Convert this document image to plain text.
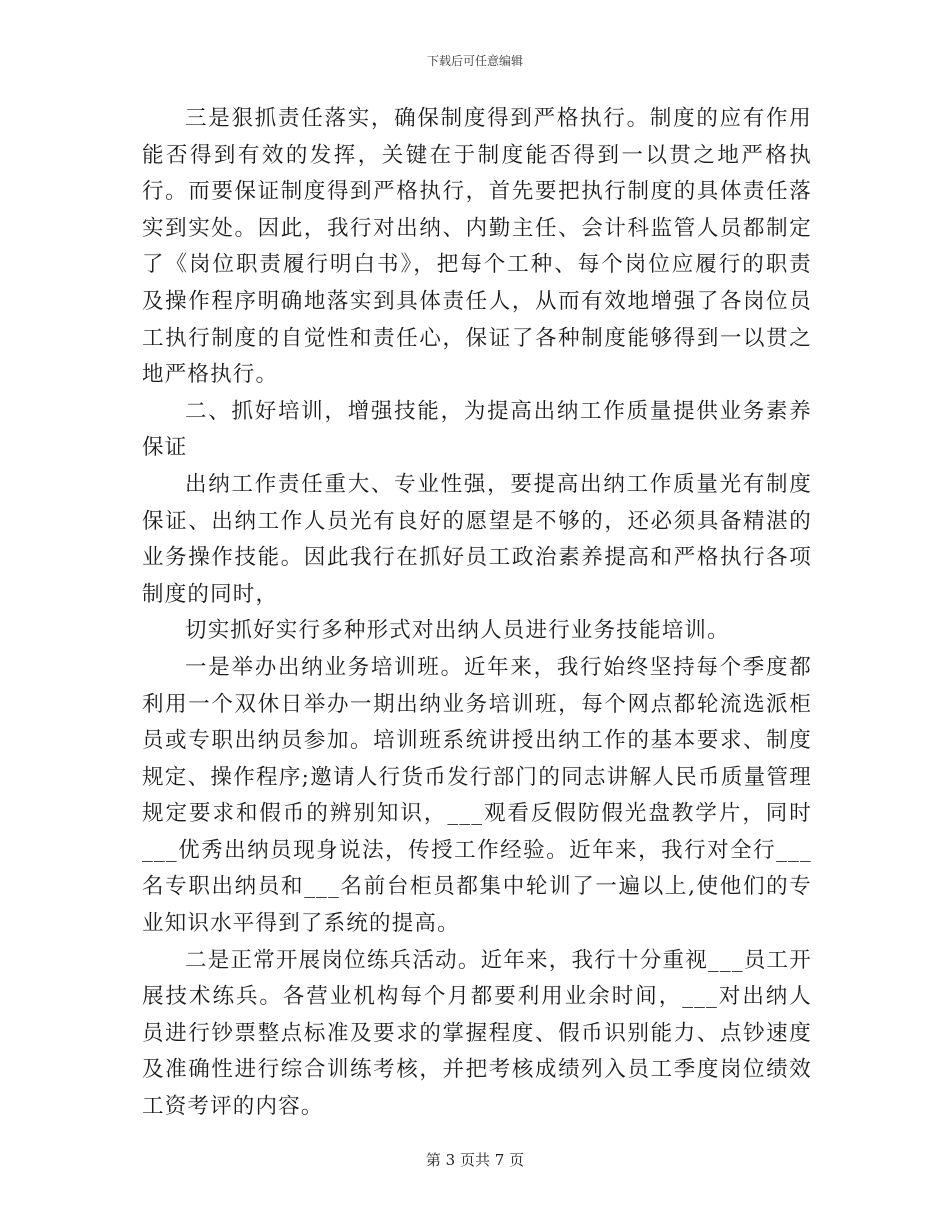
下载后可任意编辑

三是狠抓责任落实，确保制度得到严格执行。制度的应有作用能否得到有效的发挥，关键在于制度能否得到一以贯之地严格执行。而要保证制度得到严格执行，首先要把执行制度的具体责任落实到实处。因此，我行对出纳、内勤主任、会计科监管人员都制定了《岗位职责履行明白书》，把每个工种、每个岗位应履行的职责及操作程序明确地落实到具体责任人，从而有效地增强了各岗位员工执行制度的自觉性和责任心，保证了各种制度能够得到一以贯之地严格执行。

二、抓好培训，增强技能，为提高出纳工作质量提供业务素养保证

出纳工作责任重大、专业性强，要提高出纳工作质量光有制度保证、出纳工作人员光有良好的愿望是不够的，还必须具备精湛的业务操作技能。因此我行在抓好员工政治素养提高和严格执行各项制度的同时，

切实抓好实行多种形式对出纳人员进行业务技能培训。

一是举办出纳业务培训班。近年来，我行始终坚持每个季度都利用一个双休日举办一期出纳业务培训班，每个网点都轮流选派柜员或专职出纳员参加。培训班系统讲授出纳工作的基本要求、制度规定、操作程序;邀请人行货币发行部门的同志讲解人民币质量管理规定要求和假币的辨别知识，___观看反假防假光盘教学片，同时___优秀出纳员现身说法，传授工作经验。近年来，我行对全行___名专职出纳员和___名前台柜员都集中轮训了一遍以上,使他们的专业知识水平得到了系统的提高。

二是正常开展岗位练兵活动。近年来，我行十分重视___员工开展技术练兵。各营业机构每个月都要利用业余时间，___对出纳人员进行钞票整点标准及要求的掌握程度、假币识别能力、点钞速度及准确性进行综合训练考核，并把考核成绩列入员工季度岗位绩效工资考评的内容。

第 3 页共 7 页
